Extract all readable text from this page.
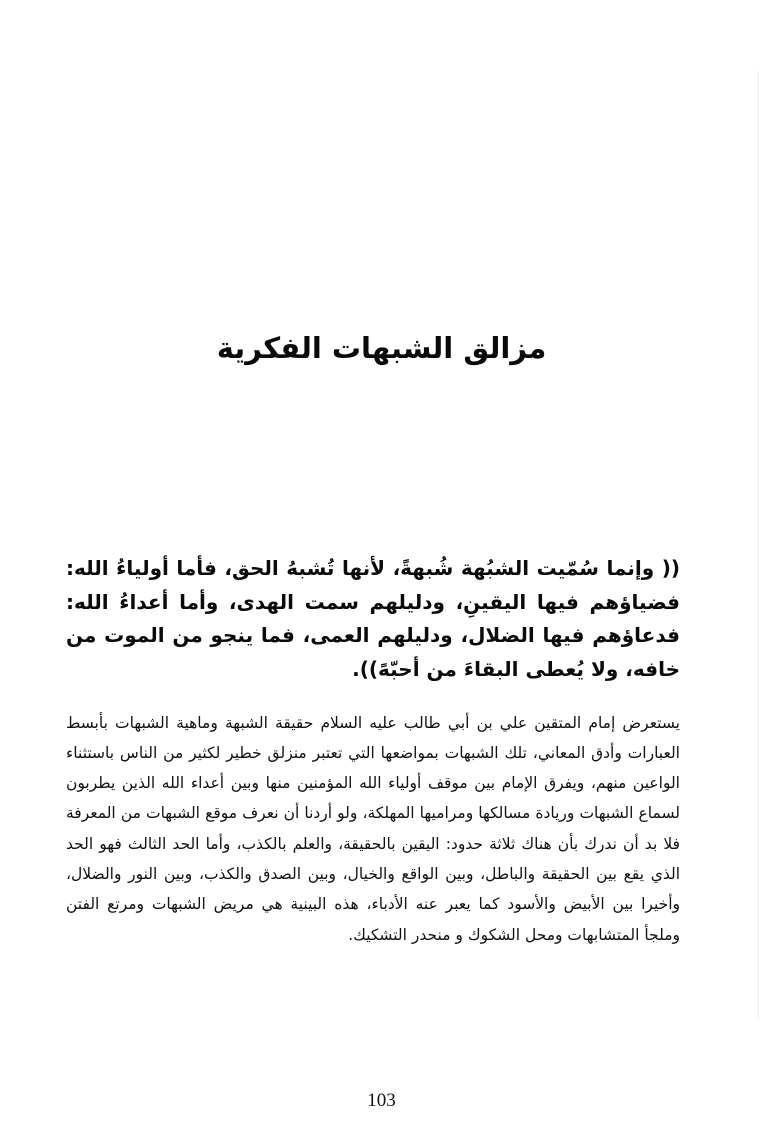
مزالق الشبهات الفكرية

(( وإنما سُمّيت الشبُهة شُبهةً، لأنها تُشبهُ الحق، فأما أولياءُ الله: فضياؤهم فيها اليقينِ، ودليلهم سمت الهدى، وأما أعداءُ الله: فدعاؤهم فيها الضلال، ودليلهم العمى، فما ينجو من الموت من خافه، ولا يُعطى البقاءَ من أحبّهً)).

يستعرض إمام المتقين علي بن أبي طالب عليه السلام حقيقة الشبهة وماهية الشبهات بأبسط العبارات وأدق المعاني، تلك الشبهات بمواضعها التي تعتبر منزلق خطير لكثير من الناس باستثناء الواعين منهم، ويفرق الإمام بين موقف أولياء الله المؤمنين منها وبين أعداء الله الذين يطربون لسماع الشبهات وريادة مسالكها ومراميها المهلكة، ولو أردنا أن نعرف موقع الشبهات من المعرفة فلا بد أن ندرك بأن هناك ثلاثة حدود: اليقين بالحقيقة، والعلم بالكذب، وأما الحد الثالث فهو الحد الذي يقع بين الحقيقة والباطل، وبين الواقع والخيال، وبين الصدق والكذب، وبين النور والضلال، وأخيرا بين الأبيض والأسود كما يعبر عنه الأدباء، هذه البينية هي مريض الشبهات ومرتع الفتن وملجأ المتشابهات ومحل الشكوك و منحدر التشكيك.

103
